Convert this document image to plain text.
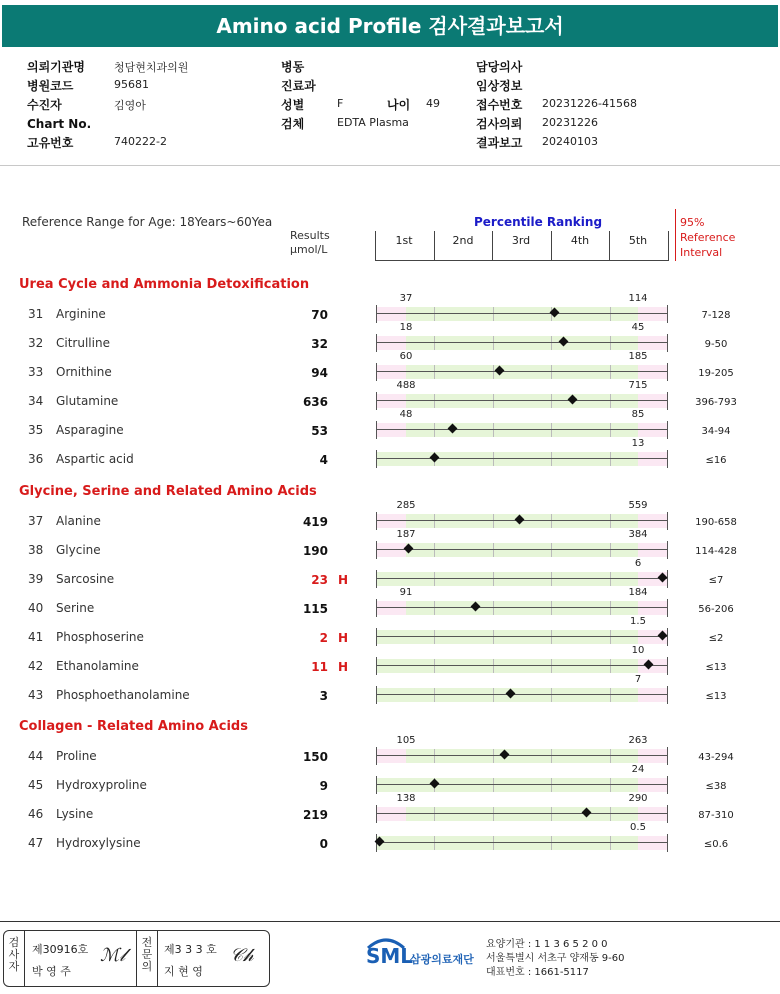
Amino acid Profile 검사결과보고서
의뢰기관명	청담현치과의원
병원코드	95681
수진자	김영아
Chart No.
고유번호	740222-2
병동
진료과
성별	F	나이 49
검체	EDTA Plasma
담당의사
임상정보
접수번호 20231226-41568
검사의뢰 20231226
결과보고 20240103
Reference Range for Age: 18Years~60Yea
Results
μmol/L
Percentile Ranking	95%
Reference
Interval
1st	2nd	3rd	4th	5th
Urea Cycle and Ammonia Detoxification
31 Arginine	70	7-128
37	114
32 Citrulline	32	9-50
18	45
33 Ornithine	94	19-205
60	185
34 Glutamine	636	396-793
488	715
35 Asparagine	53	34-94
48	85
36 Aspartic acid	4	≤16
13
Glycine, Serine and Related Amino Acids
37 Alanine	419	190-658
285	559
38 Glycine	190	114-428
187	384
39 Sarcosine	23 H	≤7
6
40 Serine	115	56-206
91	184
41 Phosphoserine	2 H	≤2
1.5
42 Ethanolamine	11 H	≤13
10
43 Phosphoethanolamine	3	≤13
7
Collagen - Related Amino Acids
44 Proline	150	43-294
105	263
45 Hydroxyproline	9	≤38
24
46 Lysine	219	87-310
138	290
47 Hydroxylysine	0	≤0.6
0.5
검사자
제30916호
박 영 주
ℳ𝓁
전문의
제3 3 3 호
지 현 영
𝒞𝒽	SML
삼광의료재단
요양기관 : 1 1 3 6 5 2 0 0
서울특별시 서초구 양재동 9-60
대표번호 : 1661-5117
